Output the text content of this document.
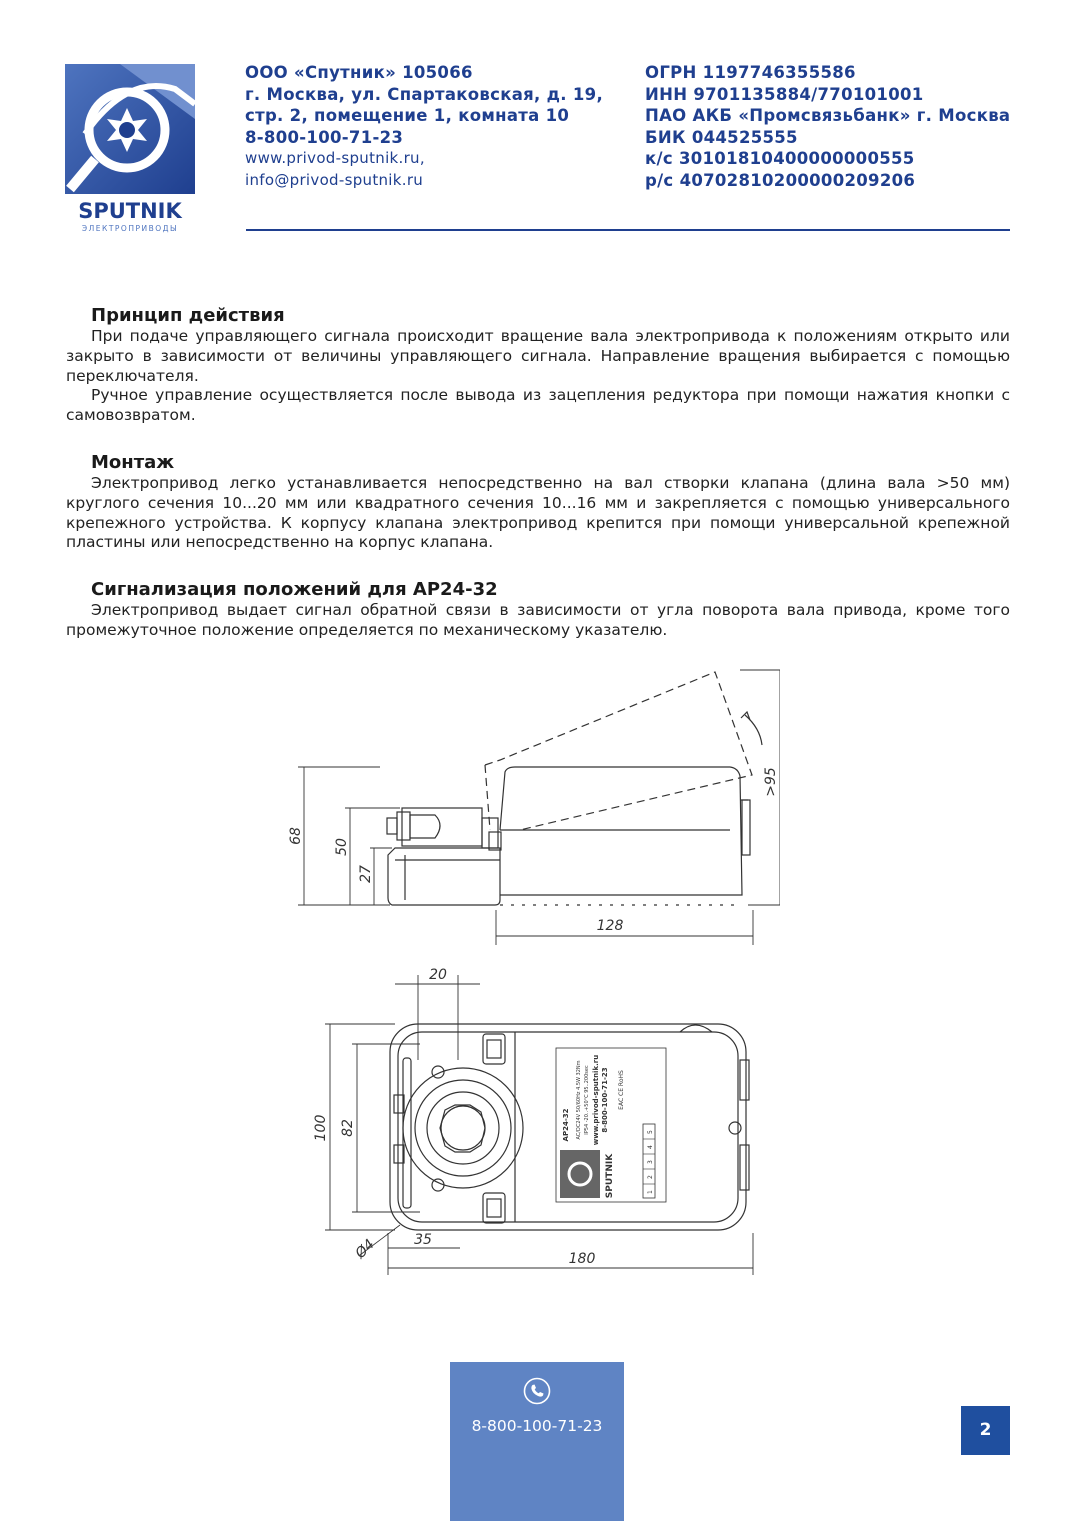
SPUTNIK
ЭЛЕКТРОПРИВОДЫ
ООО «Спутник» 105066
г. Москва, ул. Спартаковская, д. 19,
стр. 2, помещение 1, комната 10
8-800-100-71-23
www.privod-sputnik.ru,
info@privod-sputnik.ru
ОГРН 1197746355586
ИНН 9701135884/770101001
ПАО АКБ «Промсвязьбанк» г. Москва
БИК 044525555
к/с 30101810400000000555
р/с 40702810200000209206
Принцип действия

При подаче управляющего сигнала происходит вращение вала электропривода к положениям открыто или закрыто в зависимости от величины управляющего сигнала. Направление вращения выбирается с помощью переключателя.

Ручное управление осуществляется после вывода из зацепления редуктора при помощи нажатия кнопки с самовозвратом.

Монтаж

Электропривод легко устанавливается непосредственно на вал створки клапана (длина вала >50 мм) круглого сечения 10...20 мм или квадратного сечения 10...16 мм и закрепляется с помощью универсального крепежного устройства. К корпусу клапана электропривод крепится при помощи универсальной крепежной пластины или непосредственно на корпус клапана.

Сигнализация положений для АР24-32

Электропривод выдает сигнал обратной связи в зависимости от угла поворота вала привода, кроме того промежуточное положение определяется по механическому указателю.

68
50
27
128
>95
20
100 82
35
Ø4	180
AP24-32 AC/DC24V 50/60Hz 4.5W 32Nm IP54 -20..+50°C 95..200sec www.privod-sputnik.ru 8-800-100-71-23 EAC CE RoHS
SPUTNIK	1
2
3
4
5
8-800-100-71-23	2
